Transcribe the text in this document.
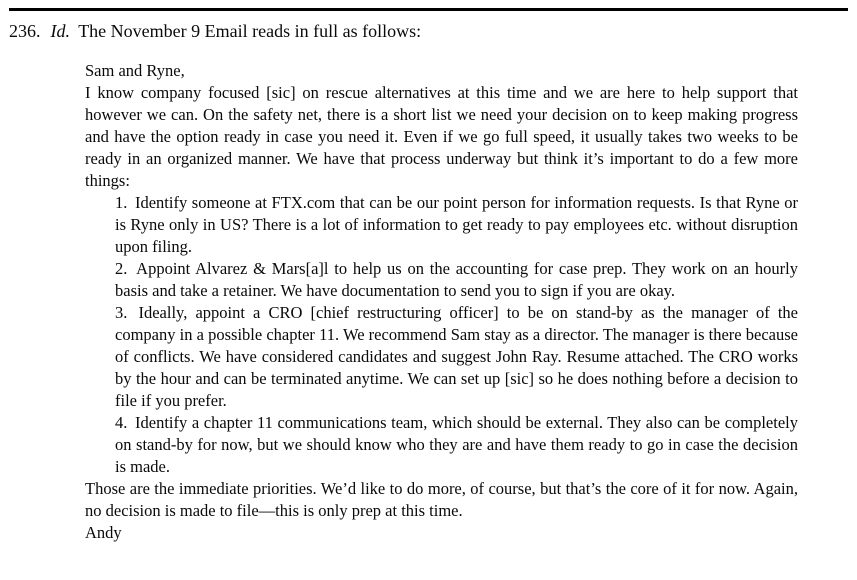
236. Id. The November 9 Email reads in full as follows:

Sam and Ryne,

I know company focused [sic] on rescue alternatives at this time and we are here to help support that however we can. On the safety net, there is a short list we need your decision on to keep making progress and have the option ready in case you need it. Even if we go full speed, it usually takes two weeks to be ready in an organized manner. We have that process underway but think it’s important to do a few more things:

1. Identify someone at FTX.com that can be our point person for information requests. Is that Ryne or is Ryne only in US? There is a lot of information to get ready to pay employees etc. without disruption upon filing.

2. Appoint Alvarez & Mars[a]l to help us on the accounting for case prep. They work on an hourly basis and take a retainer. We have documentation to send you to sign if you are okay.

3. Ideally, appoint a CRO [chief restructuring officer] to be on stand-by as the manager of the company in a possible chapter 11. We recommend Sam stay as a director. The manager is there because of conflicts. We have considered candidates and suggest John Ray. Resume attached. The CRO works by the hour and can be terminated anytime. We can set up [sic] so he does nothing before a decision to file if you prefer.

4. Identify a chapter 11 communications team, which should be external. They also can be completely on stand-by for now, but we should know who they are and have them ready to go in case the decision is made.

Those are the immediate priorities. We’d like to do more, of course, but that’s the core of it for now. Again, no decision is made to file—this is only prep at this time.

Andy
